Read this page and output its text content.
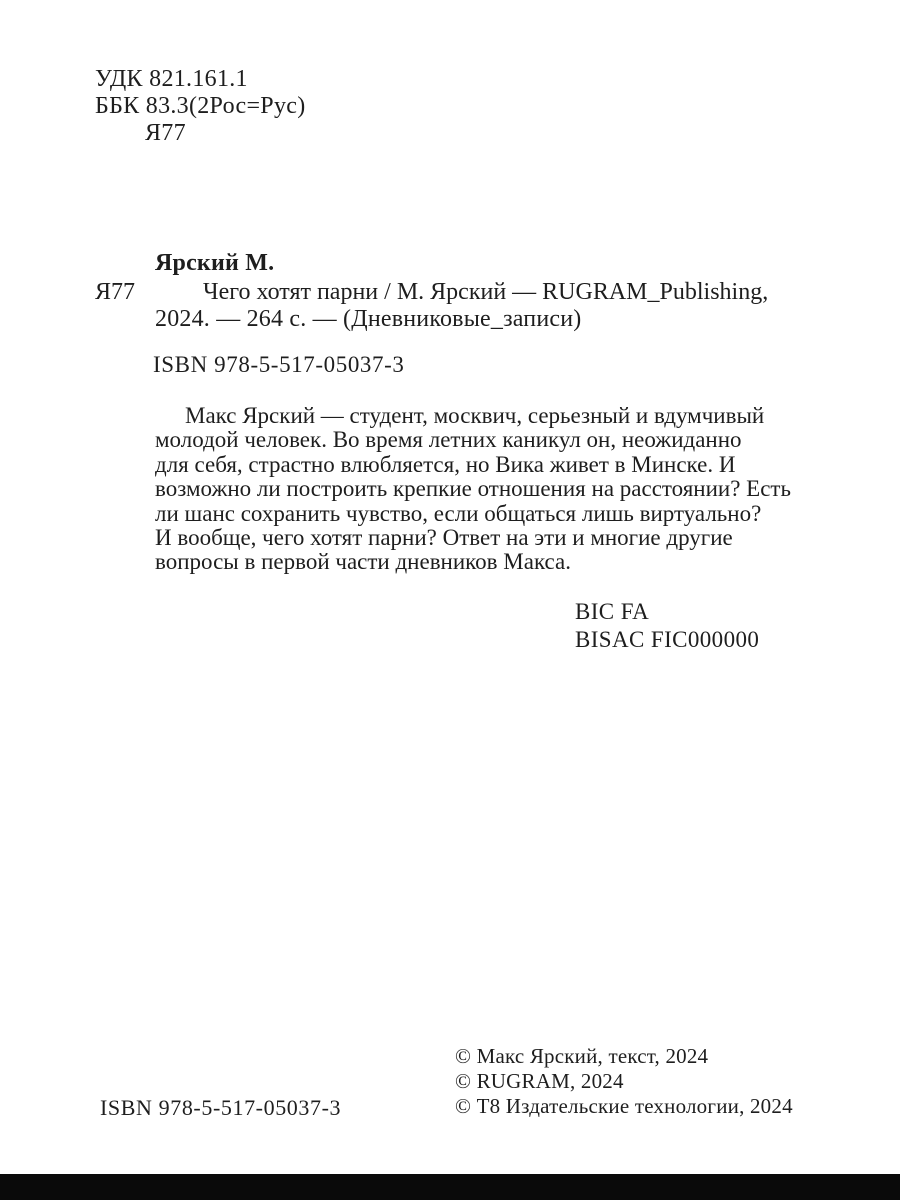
УДК 821.161.1
ББК 83.3(2Рос=Рус)
Я77
Ярский М.
Я77	Чего хотят парни / М. Ярский — RUGRAM_Publishing,
2024. — 264 с. — (Дневниковые_записи)
ISBN 978-5-517-05037-3
Макс Ярский — студент, москвич, серьезный и вдумчивый
молодой человек. Во время летних каникул он, неожиданно
для себя, страстно влюбляется, но Вика живет в Минске. И
возможно ли построить крепкие отношения на расстоянии? Есть
ли шанс сохранить чувство, если общаться лишь виртуально?
И вообще, чего хотят парни? Ответ на эти и многие другие
вопросы в первой части дневников Макса.
BIC FA
BISAC FIC000000
© Макс Ярский, текст, 2024
© RUGRAM, 2024
© Т8 Издательские технологии, 2024
ISBN 978-5-517-05037-3
